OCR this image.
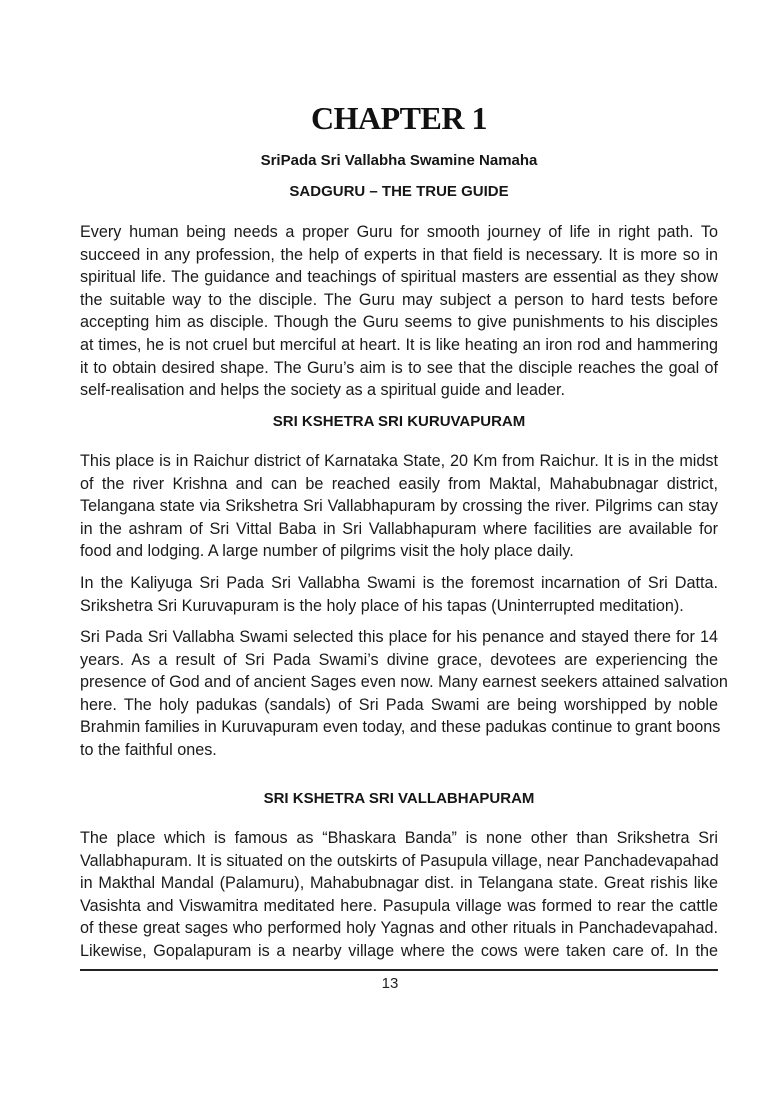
CHAPTER 1
SriPada Sri Vallabha Swamine Namaha
SADGURU – THE TRUE GUIDE
Every human being needs a proper Guru for smooth journey of life in right path. To
succeed in any profession, the help of experts in that field is necessary. It is more so in
spiritual life. The guidance and teachings of spiritual masters are essential as they show
the suitable way to the disciple. The Guru may subject a person to hard tests before
accepting him as disciple. Though the Guru seems to give punishments to his disciples
at times, he is not cruel but merciful at heart. It is like heating an iron rod and hammering
it to obtain desired shape. The Guru’s aim is to see that the disciple reaches the goal of
self-realisation and helps the society as a spiritual guide and leader.
SRI KSHETRA SRI KURUVAPURAM
This place is in Raichur district of Karnataka State, 20 Km from Raichur. It is in the midst
of the river Krishna and can be reached easily from Maktal, Mahabubnagar district,
Telangana state via Srikshetra Sri Vallabhapuram by crossing the river. Pilgrims can stay
in the ashram of Sri Vittal Baba in Sri Vallabhapuram where facilities are available for
food and lodging. A large number of pilgrims visit the holy place daily.
In the Kaliyuga Sri Pada Sri Vallabha Swami is the foremost incarnation of Sri Datta.
Srikshetra Sri Kuruvapuram is the holy place of his tapas (Uninterrupted meditation).
Sri Pada Sri Vallabha Swami selected this place for his penance and stayed there for 14
years. As a result of Sri Pada Swami’s divine grace, devotees are experiencing the
presence of God and of ancient Sages even now. Many earnest seekers attained salvation
here. The holy padukas (sandals) of Sri Pada Swami are being worshipped by noble
Brahmin families in Kuruvapuram even today, and these padukas continue to grant boons
to the faithful ones.
SRI KSHETRA SRI VALLABHAPURAM
The place which is famous as “Bhaskara Banda” is none other than Srikshetra Sri
Vallabhapuram. It is situated on the outskirts of Pasupula village, near Panchadevapahad
in Makthal Mandal (Palamuru), Mahabubnagar dist. in Telangana state. Great rishis like
Vasishta and Viswamitra meditated here. Pasupula village was formed to rear the cattle
of these great sages who performed holy Yagnas and other rituals in Panchadevapahad.
Likewise, Gopalapuram is a nearby village where the cows were taken care of. In the
13
